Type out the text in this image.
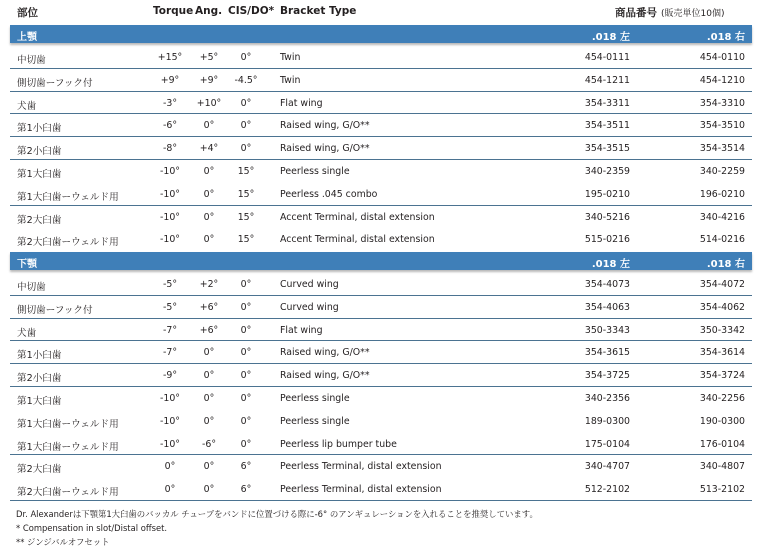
部位	Torque Ang. CIS/DO* Bracket Type	商品番号 (販売単位10個)
上顎	.018 左	.018 右
中切歯	+15°	+5°	0°	Twin	454-0111	454-0110
側切歯ーフック付	+9°	+9°	-4.5°	Twin	454-1211	454-1210
犬歯	-3°	+10°	0°	Flat wing	354-3311	354-3310
第1小臼歯	-6°	0°	0°	Raised wing, G/O**	354-3511	354-3510
第2小臼歯	-8°	+4°	0°	Raised wing, G/O**	354-3515	354-3514
第1大臼歯	-10°	0°	15°	Peerless single	340-2359	340-2259
第1大臼歯ーウェルド用	-10°	0°	15°	Peerless .045 combo	195-0210	196-0210
第2大臼歯	-10°	0°	15°	Accent Terminal, distal extension	340-5216	340-4216
第2大臼歯ーウェルド用	-10°	0°	15°	Accent Terminal, distal extension	515-0216	514-0216
下顎	.018 左	.018 右
中切歯	-5°	+2°	0°	Curved wing	354-4073	354-4072
側切歯ーフック付	-5°	+6°	0°	Curved wing	354-4063	354-4062
犬歯	-7°	+6°	0°	Flat wing	350-3343	350-3342
第1小臼歯	-7°	0°	0°	Raised wing, G/O**	354-3615	354-3614
第2小臼歯	-9°	0°	0°	Raised wing, G/O**	354-3725	354-3724
第1大臼歯	-10°	0°	0°	Peerless single	340-2356	340-2256
第1大臼歯ーウェルド用	-10°	0°	0°	Peerless single	189-0300	190-0300
第1大臼歯ーウェルド用	-10°	-6°	0°	Peerless lip bumper tube	175-0104	176-0104
第2大臼歯	0°	0°	6°	Peerless Terminal, distal extension	340-4707	340-4807
第2大臼歯ーウェルド用	0°	0°	6°	Peerless Terminal, distal extension	512-2102	513-2102
Dr. Alexanderは下顎第1大臼歯のバッカル チューブをバンドに位置づける際に-6° のアンギュレーションを入れることを推奨しています。
* Compensation in slot/Distal offset.
** ジンジバルオフセット
